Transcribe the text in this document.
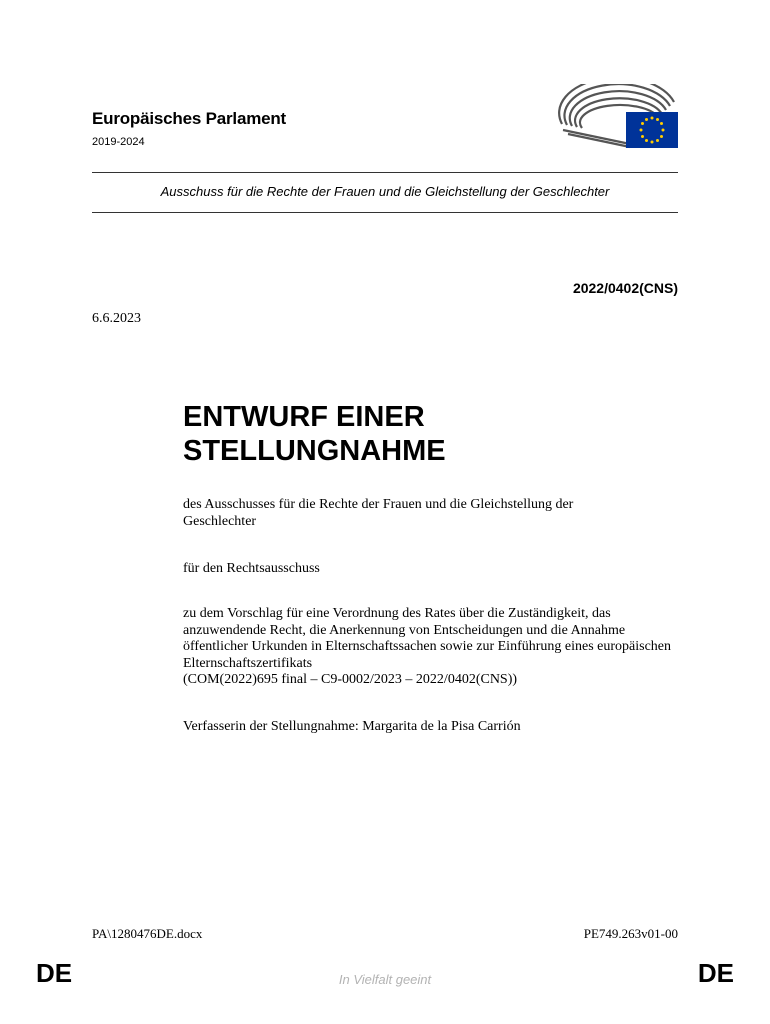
Europäisches Parlament
2019-2024
Ausschuss für die Rechte der Frauen und die Gleichstellung der Geschlechter
2022/0402(CNS)
6.6.2023
ENTWURF EINER
STELLUNGNAHME
des Ausschusses für die Rechte der Frauen und die Gleichstellung der Geschlechter
für den Rechtsausschuss
zu dem Vorschlag für eine Verordnung des Rates über die Zuständigkeit, das anzuwendende Recht, die Anerkennung von Entscheidungen und die Annahme öffentlicher Urkunden in Elternschaftssachen sowie zur Einführung eines europäischen Elternschaftszertifikats
(COM(2022)695 final – C9-0002/2023 – 2022/0402(CNS))
Verfasserin der Stellungnahme: Margarita de la Pisa Carrión
PA\1280476DE.docx	PE749.263v01-00
DE	In Vielfalt geeint	DE
